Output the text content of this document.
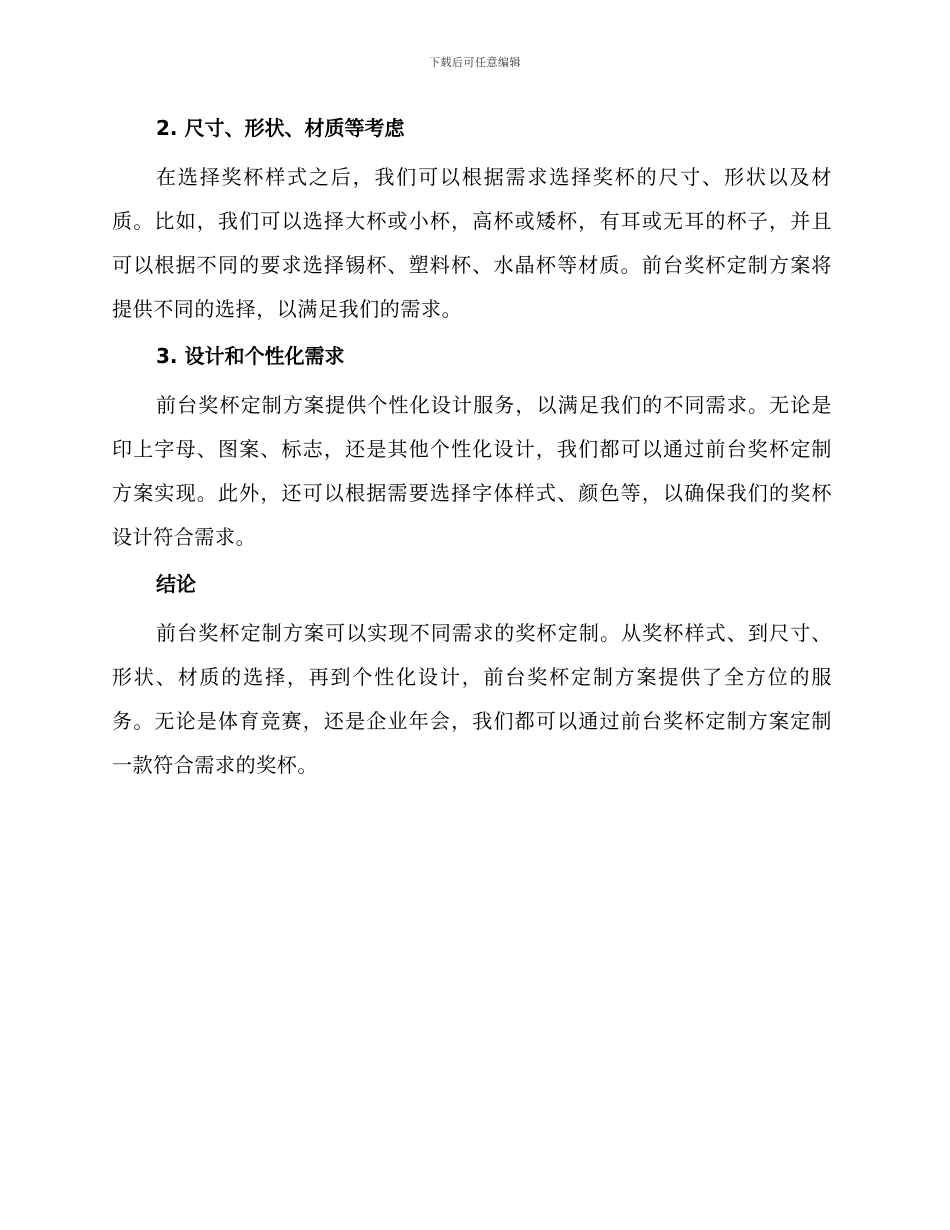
下载后可任意编辑
2. 尺寸、形状、材质等考虑

在选择奖杯样式之后，我们可以根据需求选择奖杯的尺寸、形状以及材质。比如，我们可以选择大杯或小杯，高杯或矮杯，有耳或无耳的杯子，并且可以根据不同的要求选择锡杯、塑料杯、水晶杯等材质。前台奖杯定制方案将提供不同的选择，以满足我们的需求。

3. 设计和个性化需求

前台奖杯定制方案提供个性化设计服务，以满足我们的不同需求。无论是印上字母、图案、标志，还是其他个性化设计，我们都可以通过前台奖杯定制方案实现。此外，还可以根据需要选择字体样式、颜色等，以确保我们的奖杯设计符合需求。

结论

前台奖杯定制方案可以实现不同需求的奖杯定制。从奖杯样式、到尺寸、形状、材质的选择，再到个性化设计，前台奖杯定制方案提供了全方位的服务。无论是体育竞赛，还是企业年会，我们都可以通过前台奖杯定制方案定制一款符合需求的奖杯。
